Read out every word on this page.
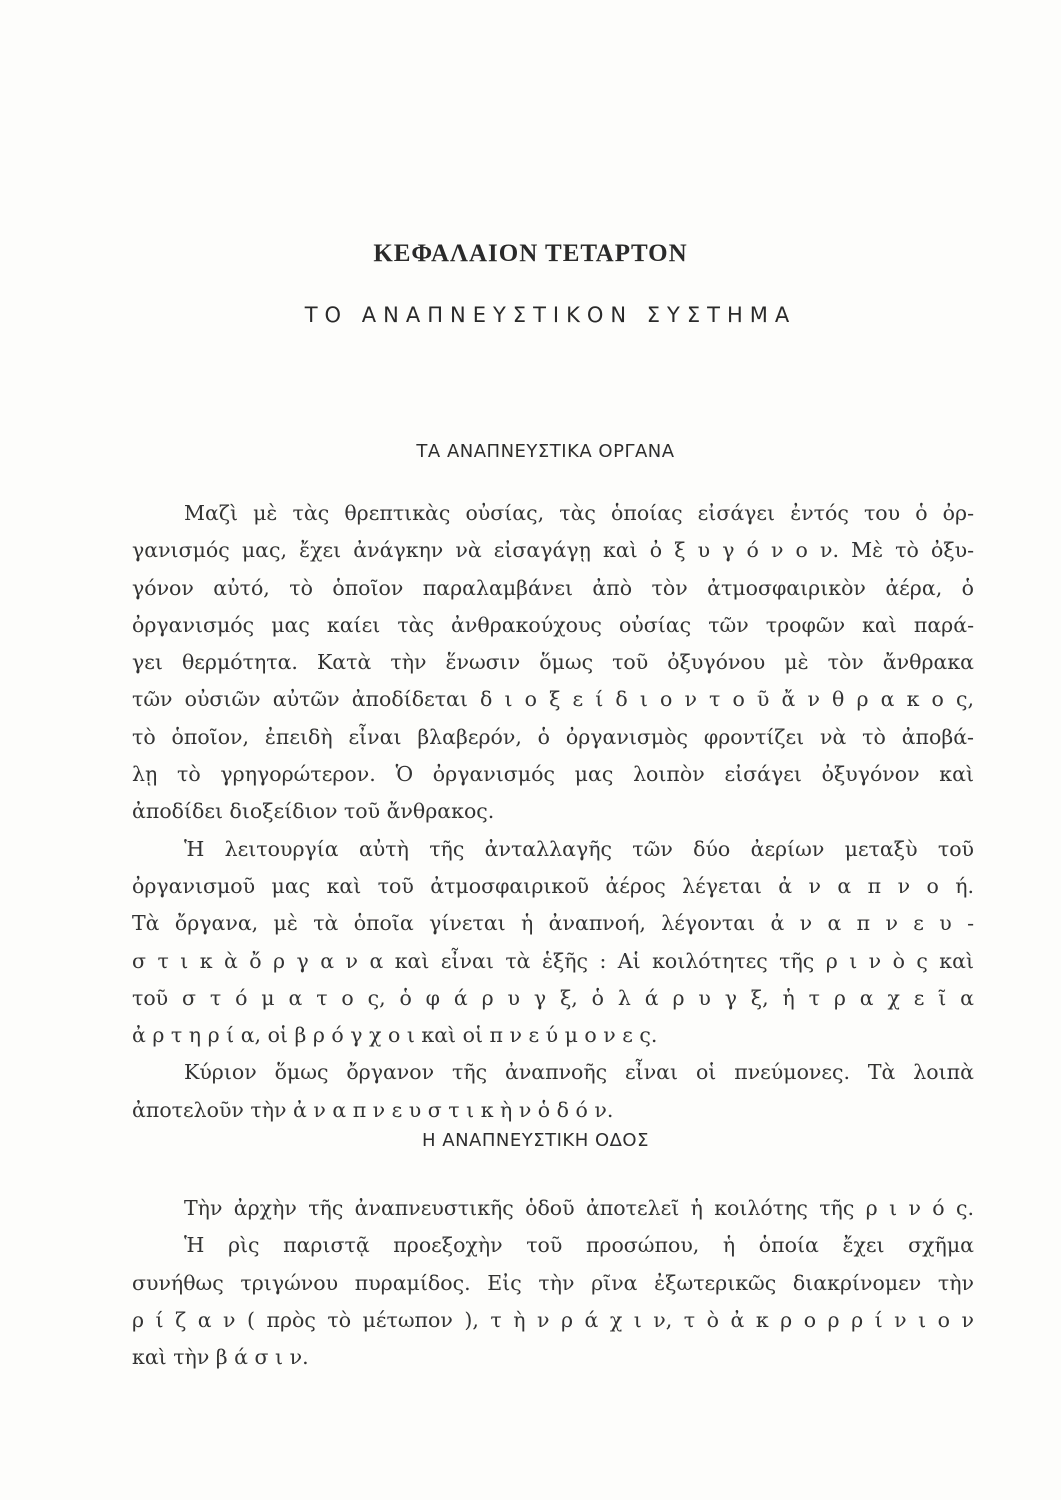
ΚΕΦΑΛΑΙΟΝ ΤΕΤΑΡΤΟΝ
ΤΟ ΑΝΑΠΝΕΥΣΤΙΚΟΝ ΣΥΣΤΗΜΑ
ΤΑ ΑΝΑΠΝΕΥΣΤΙΚΑ ΟΡΓΑΝΑ
Μαζὶ μὲ τὰς θρεπτικὰς οὐσίας, τὰς ὁποίας εἰσάγει ἐντός του ὁ ὀρ-
γανισμός μας, ἔχει ἀνάγκην νὰ εἰσαγάγῃ καὶ ὀ ξ υ γ ό ν ο ν. Μὲ τὸ ὀξυ-
γόνον αὐτό, τὸ ὁποῖον παραλαμβάνει ἀπὸ τὸν ἀτμοσφαιρικὸν ἀέρα, ὁ
ὀργανισμός μας καίει τὰς ἀνθρακούχους οὐσίας τῶν τροφῶν καὶ παρά-
γει θερμότητα. Κατὰ τὴν ἕνωσιν ὅμως τοῦ ὀξυγόνου μὲ τὸν ἄνθρακα
τῶν οὐσιῶν αὐτῶν ἀποδίδεται δ ι ο ξ ε ί δ ι ο ν τ ο ῦ ἄ ν θ ρ α κ ο ς,
τὸ ὁποῖον, ἐπειδὴ εἶναι βλαβερόν, ὁ ὀργανισμὸς φροντίζει νὰ τὸ ἀποβά-
λῃ τὸ γρηγορώτερον. Ὁ ὀργανισμός μας λοιπὸν εἰσάγει ὀξυγόνον καὶ
ἀποδίδει διοξείδιον τοῦ ἄνθρακος.
Ἡ λειτουργία αὐτὴ τῆς ἀνταλλαγῆς τῶν δύο ἀερίων μεταξὺ τοῦ
ὀργανισμοῦ μας καὶ τοῦ ἀτμοσφαιρικοῦ ἀέρος λέγεται ἀ ν α π ν ο ή.
Τὰ ὄργανα, μὲ τὰ ὁποῖα γίνεται ἡ ἀναπνοή, λέγονται ἀ ν α π ν ε υ -
σ τ ι κ ὰ ὄ ρ γ α ν α καὶ εἶναι τὰ ἑξῆς : Αἱ κοιλότητες τῆς ρ ι ν ὸ ς καὶ
τοῦ σ τ ό μ α τ ο ς, ὁ φ ά ρ υ γ ξ, ὁ λ ά ρ υ γ ξ, ἡ τ ρ α χ ε ῖ α
ἀ ρ τ η ρ ί α, οἱ β ρ ό γ χ ο ι καὶ οἱ π ν ε ύ μ ο ν ε ς.
Κύριον ὅμως ὄργανον τῆς ἀναπνοῆς εἶναι οἱ πνεύμονες. Τὰ λοιπὰ
ἀποτελοῦν τὴν ἀ ν α π ν ε υ σ τ ι κ ὴ ν ὁ δ ό ν.
Η ΑΝΑΠΝΕΥΣΤΙΚΗ ΟΔΟΣ
Τὴν ἀρχὴν τῆς ἀναπνευστικῆς ὁδοῦ ἀποτελεῖ ἡ κοιλότης τῆς ρ ι ν ό ς.
Ἡ ρὶς παριστᾷ προεξοχὴν τοῦ προσώπου, ἡ ὁποία ἔχει σχῆμα
συνήθως τριγώνου πυραμίδος. Εἰς τὴν ρῖνα ἐξωτερικῶς διακρίνομεν τὴν
ρ ί ζ α ν ( πρὸς τὸ μέτωπον ), τ ὴ ν ρ ά χ ι ν, τ ὸ ἀ κ ρ ο ρ ρ ί ν ι ο ν
καὶ τὴν β ά σ ι ν.
